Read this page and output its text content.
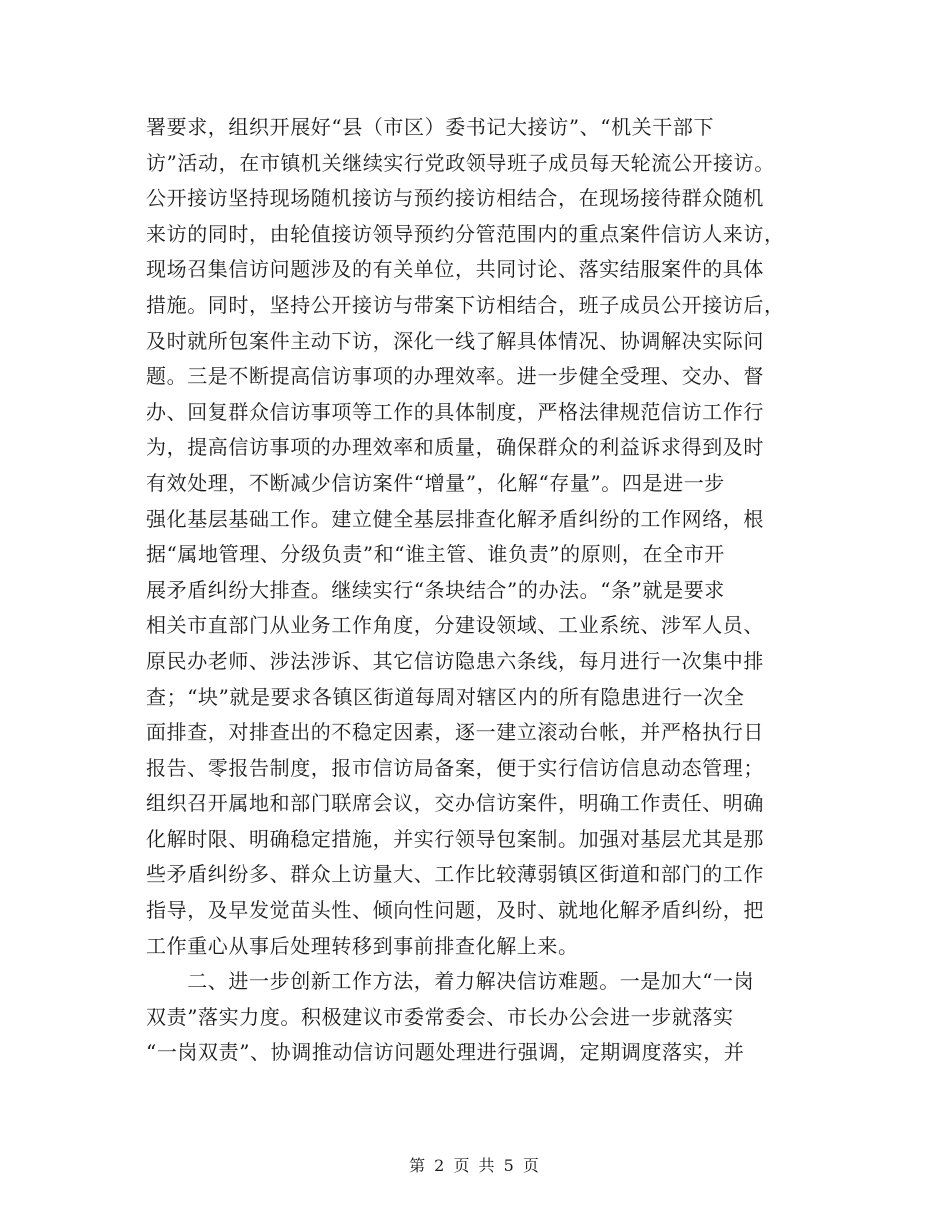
署要求，组织开展好“县（市区）委书记大接访”、“机关干部下
访”活动，在市镇机关继续实行党政领导班子成员每天轮流公开接访。
公开接访坚持现场随机接访与预约接访相结合，在现场接待群众随机
来访的同时，由轮值接访领导预约分管范围内的重点案件信访人来访，
现场召集信访问题涉及的有关单位，共同讨论、落实结服案件的具体
措施。同时，坚持公开接访与带案下访相结合，班子成员公开接访后，
及时就所包案件主动下访，深化一线了解具体情况、协调解决实际问
题。三是不断提高信访事项的办理效率。进一步健全受理、交办、督
办、回复群众信访事项等工作的具体制度，严格法律规范信访工作行
为，提高信访事项的办理效率和质量，确保群众的利益诉求得到及时
有效处理，不断减少信访案件“增量”，化解“存量”。四是进一步
强化基层基础工作。建立健全基层排查化解矛盾纠纷的工作网络，根
据“属地管理、分级负责”和“谁主管、谁负责”的原则，在全市开
展矛盾纠纷大排查。继续实行“条块结合”的办法。“条”就是要求
相关市直部门从业务工作角度，分建设领域、工业系统、涉军人员、
原民办老师、涉法涉诉、其它信访隐患六条线，每月进行一次集中排
查；“块”就是要求各镇区街道每周对辖区内的所有隐患进行一次全
面排查，对排查出的不稳定因素，逐一建立滚动台帐，并严格执行日
报告、零报告制度，报市信访局备案，便于实行信访信息动态管理；
组织召开属地和部门联席会议，交办信访案件，明确工作责任、明确
化解时限、明确稳定措施，并实行领导包案制。加强对基层尤其是那
些矛盾纠纷多、群众上访量大、工作比较薄弱镇区街道和部门的工作
指导，及早发觉苗头性、倾向性问题，及时、就地化解矛盾纠纷，把
工作重心从事后处理转移到事前排查化解上来。
　　二、进一步创新工作方法，着力解决信访难题。一是加大“一岗
双责”落实力度。积极建议市委常委会、市长办公会进一步就落实
“一岗双责”、协调推动信访问题处理进行强调，定期调度落实，并
第 2 页 共 5 页
